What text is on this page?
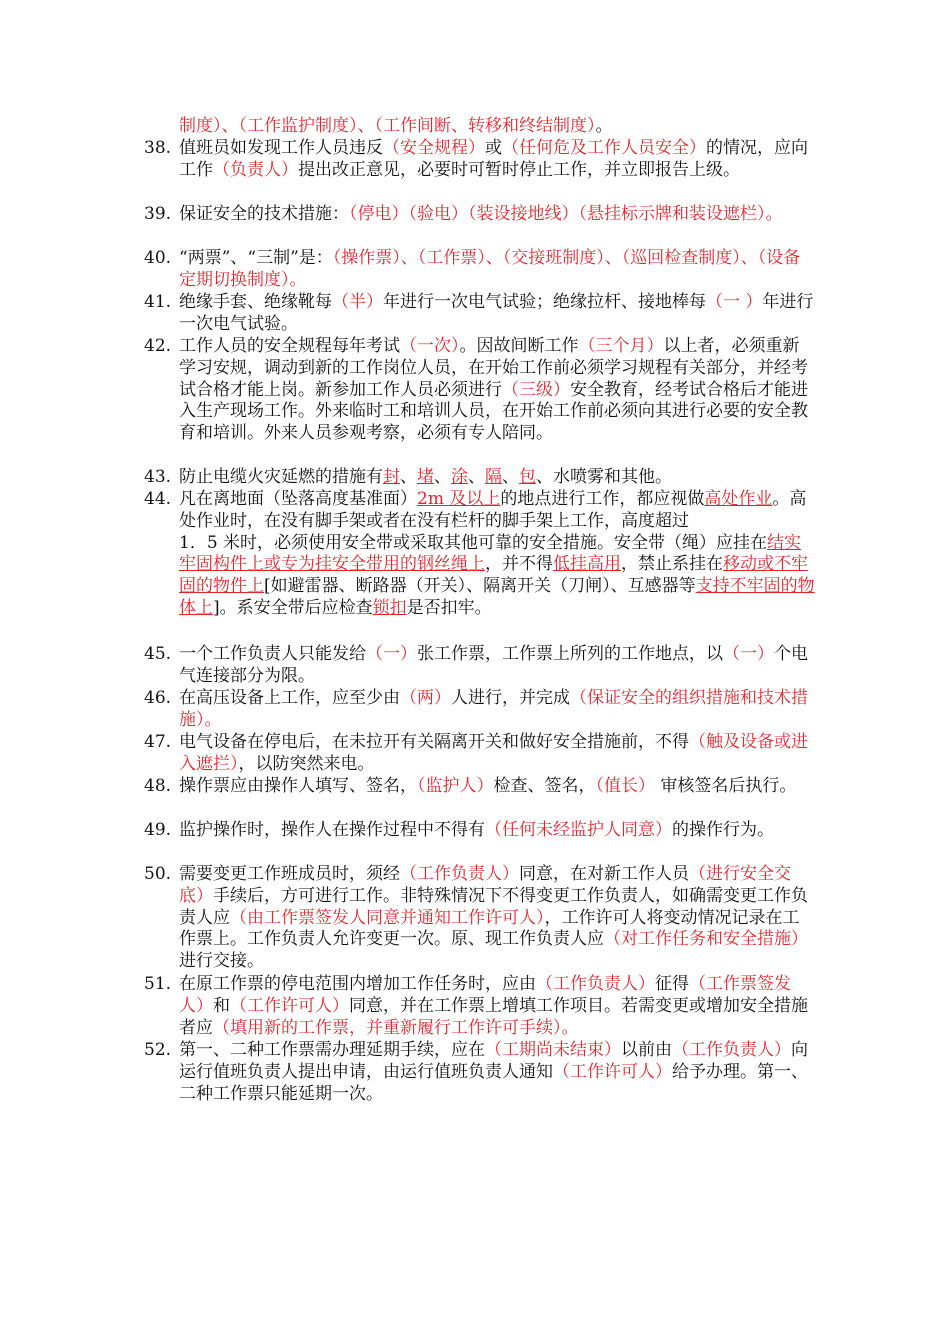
制度）、（工作监护制度）、（工作间断、转移和终结制度）。
38. 值班员如发现工作人员违反（安全规程）或（任何危及工作人员安全）的情况，应向工作（负责人）提出改正意见，必要时可暂时停止工作，并立即报告上级。
39. 保证安全的技术措施：（停电）（验电）（装设接地线）（悬挂标示牌和装设遮栏）。
40. “两票”、“三制”是：（操作票）、（工作票）、（交接班制度）、（巡回检查制度）、（设备定期切换制度）。
41. 绝缘手套、绝缘靴每（半）年进行一次电气试验；绝缘拉杆、接地棒每（一 ）年进行一次电气试验。
42. 工作人员的安全规程每年考试（一次）。因故间断工作（三个月）以上者，必须重新学习安规，调动到新的工作岗位人员，在开始工作前必须学习规程有关部分，并经考试合格才能上岗。新参加工作人员必须进行（三级）安全教育，经考试合格后才能进入生产现场工作。外来临时工和培训人员，在开始工作前必须向其进行必要的安全教育和培训。外来人员参观考察，必须有专人陪同。
43. 防止电缆火灾延燃的措施有封、堵、涂、隔、包、水喷雾和其他。
44. 凡在离地面（坠落高度基准面）2m 及以上的地点进行工作，都应视做高处作业。高处作业时，在没有脚手架或者在没有栏杆的脚手架上工作，高度超过
1．5 米时，必须使用安全带或采取其他可靠的安全措施。安全带（绳）应挂在结实牢固构件上或专为挂安全带用的钢丝绳上，并不得低挂高用，禁止系挂在移动或不牢固的物件上[如避雷器、断路器（开关）、隔离开关（刀闸）、互感器等支持不牢固的物体上]。系安全带后应检查锁扣是否扣牢。
45. 一个工作负责人只能发给（一）张工作票，工作票上所列的工作地点，以（一）个电气连接部分为限。
46. 在高压设备上工作，应至少由（两）人进行，并完成（保证安全的组织措施和技术措施）。
47. 电气设备在停电后，在未拉开有关隔离开关和做好安全措施前，不得（触及设备或进入遮拦），以防突然来电。
48. 操作票应由操作人填写、签名，（监护人）检查、签名，（值长） 审核签名后执行。
49. 监护操作时，操作人在操作过程中不得有（任何未经监护人同意）的操作行为。
50. 需要变更工作班成员时，须经（工作负责人）同意，在对新工作人员（进行安全交底）手续后，方可进行工作。非特殊情况下不得变更工作负责人，如确需变更工作负责人应（由工作票签发人同意并通知工作许可人），工作许可人将变动情况记录在工作票上。工作负责人允许变更一次。原、现工作负责人应（对工作任务和安全措施）进行交接。
51. 在原工作票的停电范围内增加工作任务时，应由（工作负责人）征得（工作票签发人）和（工作许可人）同意，并在工作票上增填工作项目。若需变更或增加安全措施者应（填用新的工作票，并重新履行工作许可手续）。
52. 第一、二种工作票需办理延期手续，应在（工期尚未结束）以前由（工作负责人）向运行值班负责人提出申请，由运行值班负责人通知（工作许可人）给予办理。第一、二种工作票只能延期一次。
